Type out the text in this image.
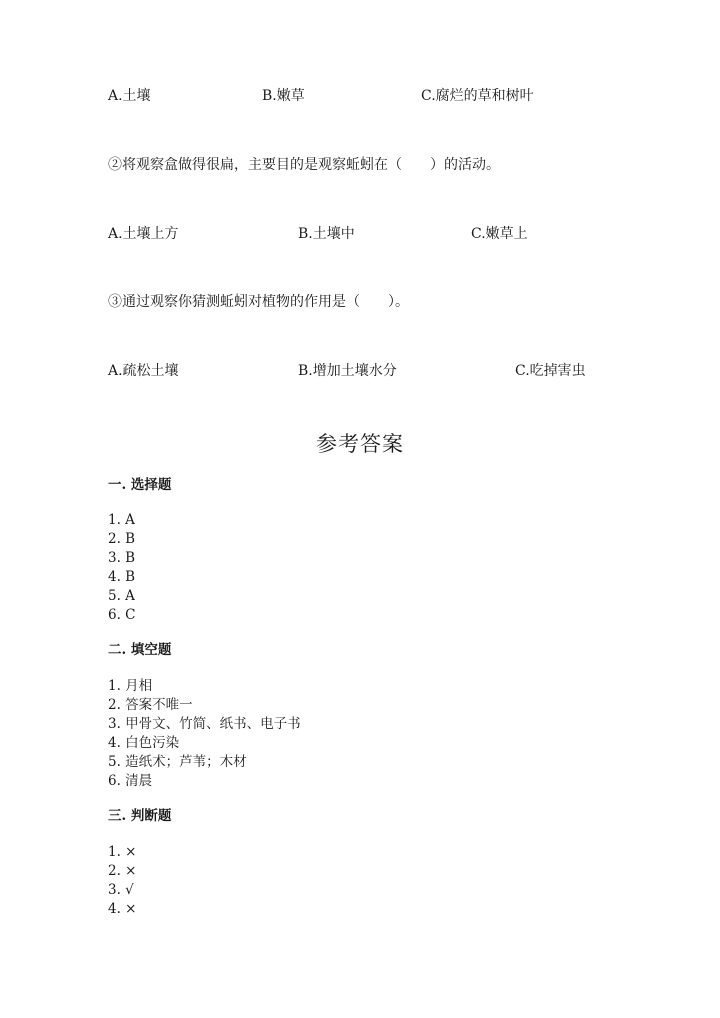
A.土壤	B.嫩草	C.腐烂的草和树叶
②将观察盒做得很扁，主要目的是观察蚯蚓在（　　）的活动。
A.土壤上方	B.土壤中	C.嫩草上
③通过观察你猜测蚯蚓对植物的作用是（　　）。
A.疏松土壤	B.增加土壤水分	C.吃掉害虫
参考答案
一. 选择题
1. A
2. B
3. B
4. B
5. A
6. C
二. 填空题
1. 月相
2. 答案不唯一
3. 甲骨文、竹简、纸书、电子书
4. 白色污染
5. 造纸术；芦苇；木材
6. 清晨
三. 判断题
1. ×
2. ×
3. √
4. ×
